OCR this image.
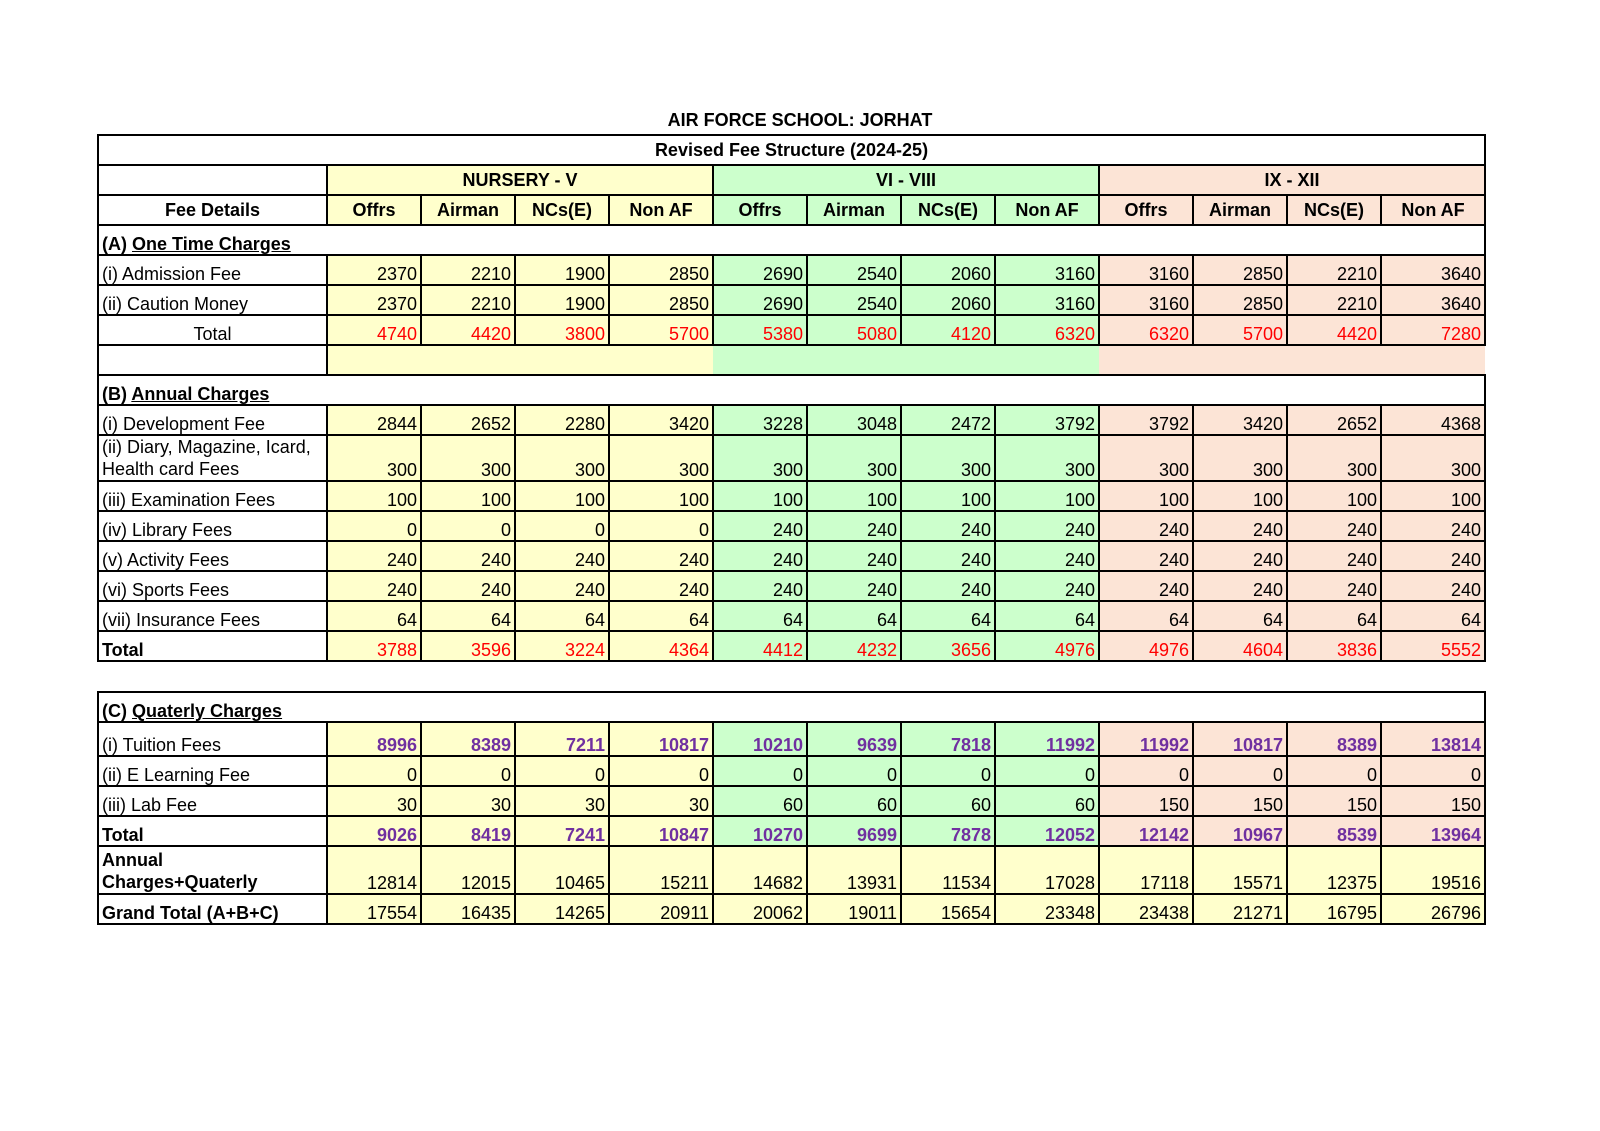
AIR FORCE SCHOOL: JORHAT
Revised Fee Structure (2024-25)												
	NURSERY - V				VI - VIII				IX - XII			
Fee Details	Offrs	Airman	NCs(E)	Non AF	Offrs	Airman	NCs(E)	Non AF	Offrs	Airman	NCs(E)	Non AF
(A) One Time Charges												
(i) Admission Fee	2370	2210	1900	2850	2690	2540	2060	3160	3160	2850	2210	3640
(ii) Caution Money	2370	2210	1900	2850	2690	2540	2060	3160	3160	2850	2210	3640
Total	4740	4420	3800	5700	5380	5080	4120	6320	6320	5700	4420	7280

(B) Annual Charges												
(i) Development Fee	2844	2652	2280	3420	3228	3048	2472	3792	3792	3420	2652	4368
(ii) Diary, Magazine, Icard, Health card Fees	300	300	300	300	300	300	300	300	300	300	300	300
(iii) Examination Fees	100	100	100	100	100	100	100	100	100	100	100	100
(iv) Library Fees	0	0	0	0	240	240	240	240	240	240	240	240
(v) Activity Fees	240	240	240	240	240	240	240	240	240	240	240	240
(vi) Sports Fees	240	240	240	240	240	240	240	240	240	240	240	240
(vii) Insurance Fees	64	64	64	64	64	64	64	64	64	64	64	64
Total	3788	3596	3224	4364	4412	4232	3656	4976	4976	4604	3836	5552
(C) Quaterly Charges												
(i) Tuition Fees	8996	8389	7211	10817	10210	9639	7818	11992	11992	10817	8389	13814
(ii) E Learning Fee	0	0	0	0	0	0	0	0	0	0	0	0
(iii) Lab Fee	30	30	30	30	60	60	60	60	150	150	150	150
Total	9026	8419	7241	10847	10270	9699	7878	12052	12142	10967	8539	13964
Annual Charges+Quaterly	12814	12015	10465	15211	14682	13931	11534	17028	17118	15571	12375	19516
Grand Total (A+B+C)	17554	16435	14265	20911	20062	19011	15654	23348	23438	21271	16795	26796
